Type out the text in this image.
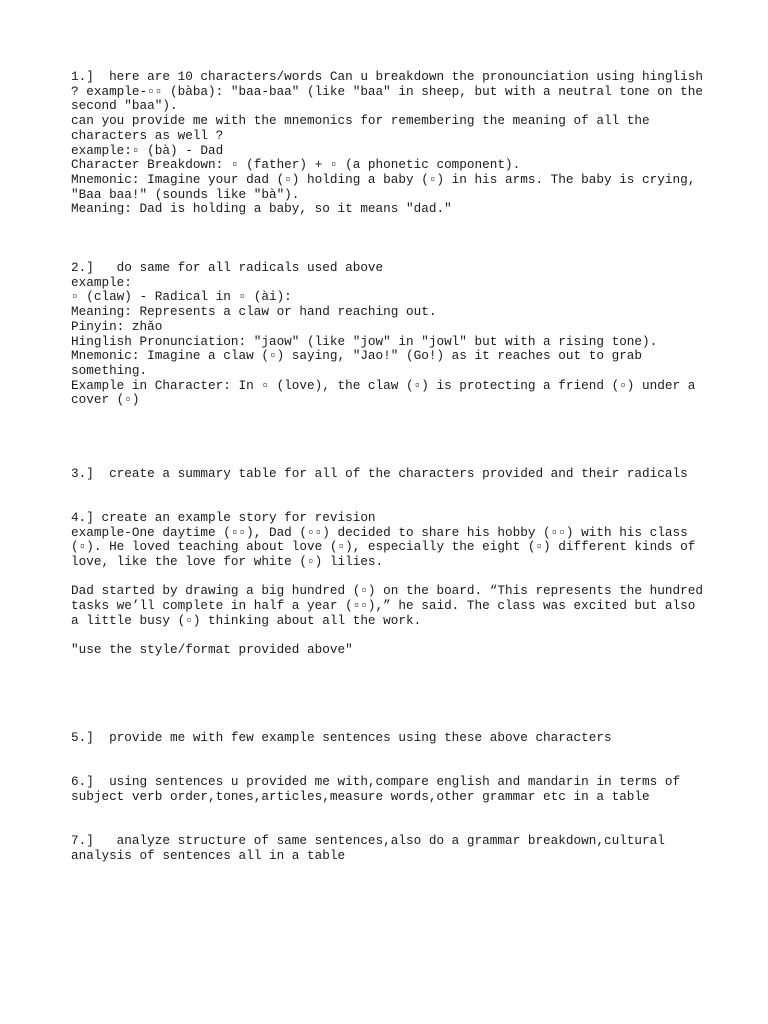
1.]  here are 10 characters/words Can u breakdown the pronounciation using hinglish
? example-▫▫ (bàba): "baa-baa" (like "baa" in sheep, but with a neutral tone on the
second "baa").
can you provide me with the mnemonics for remembering the meaning of all the
characters as well ?
example:▫ (bà) - Dad
Character Breakdown: ▫ (father) + ▫ (a phonetic component).
Mnemonic: Imagine your dad (▫) holding a baby (▫) in his arms. The baby is crying,
"Baa baa!" (sounds like "bà").
Meaning: Dad is holding a baby, so it means "dad."
2.]   do same for all radicals used above
example:
▫ (claw) - Radical in ▫ (ài):
Meaning: Represents a claw or hand reaching out.
Pinyin: zhǎo
Hinglish Pronunciation: "jaow" (like "jow" in "jowl" but with a rising tone).
Mnemonic: Imagine a claw (▫) saying, "Jao!" (Go!) as it reaches out to grab
something.
Example in Character: In ▫ (love), the claw (▫) is protecting a friend (▫) under a
cover (▫)
3.]  create a summary table for all of the characters provided and their radicals
4.] create an example story for revision
example-One daytime (▫▫), Dad (▫▫) decided to share his hobby (▫▫) with his class
(▫). He loved teaching about love (▫), especially the eight (▫) different kinds of
love, like the love for white (▫) lilies.
Dad started by drawing a big hundred (▫) on the board. “This represents the hundred
tasks we’ll complete in half a year (▫▫),” he said. The class was excited but also
a little busy (▫) thinking about all the work.
"use the style/format provided above"
5.]  provide me with few example sentences using these above characters
6.]  using sentences u provided me with,compare english and mandarin in terms of
subject verb order,tones,articles,measure words,other grammar etc in a table
7.]   analyze structure of same sentences,also do a grammar breakdown,cultural
analysis of sentences all in a table
